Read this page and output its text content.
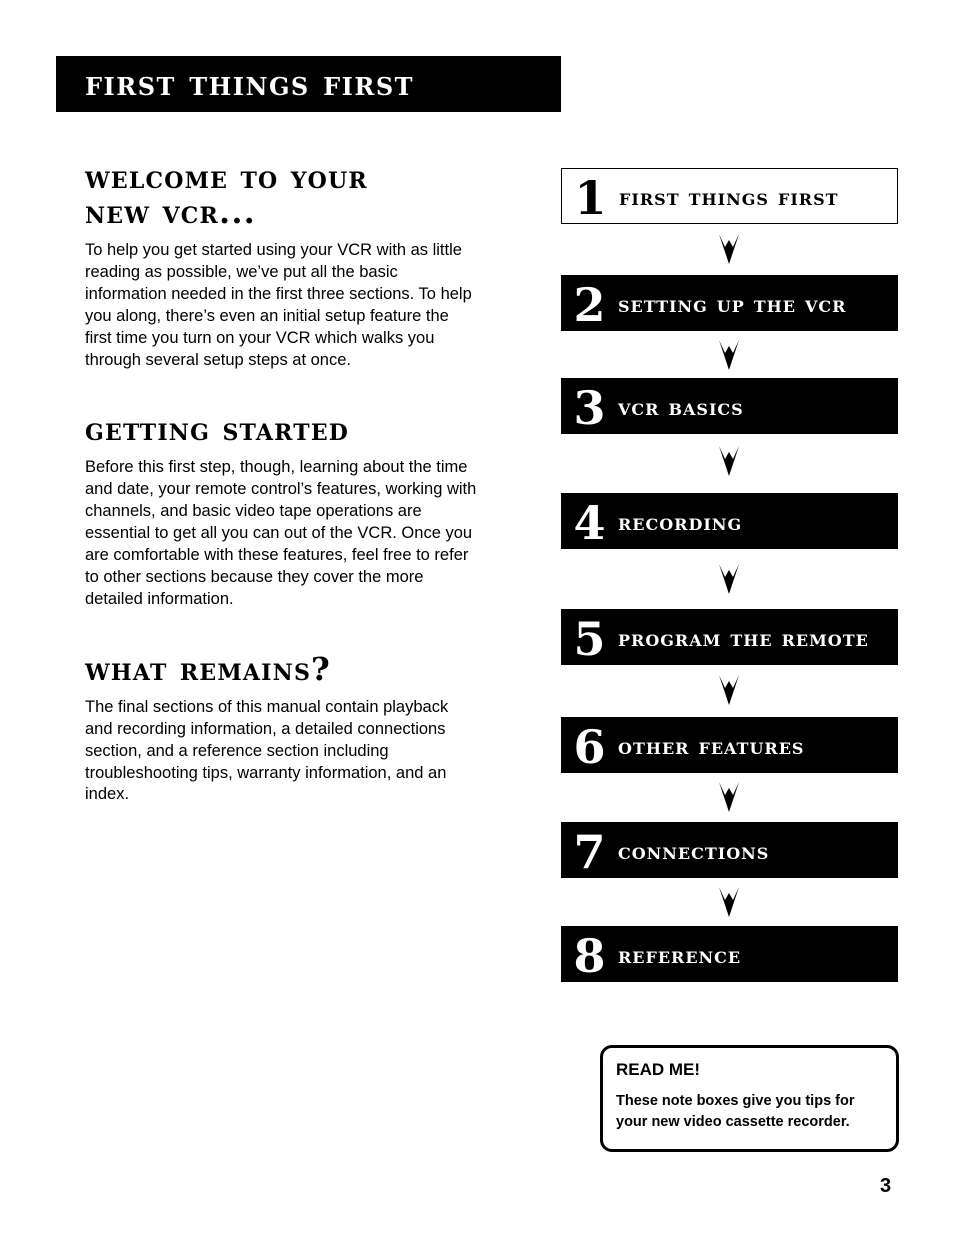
first things first
welcome to your new vcr...

To help you get started using your VCR with as little reading as possible, we’ve put all the basic information needed in the first three sections. To help you along, there’s even an initial setup feature the first time you turn on your VCR which walks you through several setup steps at once.

getting started

Before this first step, though, learning about the time and date, your remote control’s features, working with channels, and basic video tape operations are essential to get all you can out of the VCR. Once you are comfortable with these features, feel free to refer to other sections because they cover the more detailed information.

what remains?

The final sections of this manual contain playback and recording information, a detailed connections section, and a reference section including troubleshooting tips, warranty information, and an index.

1 first things first
2 setting up the vcr
3 vcr basics
4 recording
5 program the remote
6 other features
7 connections
8 reference

READ ME!

These note boxes give you tips for your new video cassette recorder.

3
